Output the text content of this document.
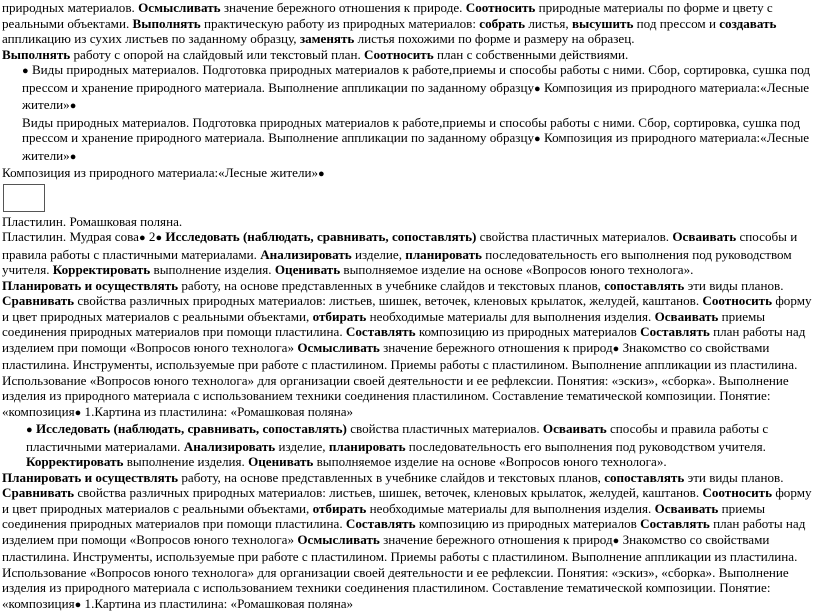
природных материалов. Осмысливать значение бережного отношения к природе. Соотносить природные материалы по форме и цвету с реальными объектами. Выполнять практическую работу из природных материалов: собрать листья, высушить под прессом и создавать аппликацию из сухих листьев по заданному образцу, заменять листья похожими по форме и размеру на образец.

Выполнять работу с опорой на слайдовый или текстовый план. Соотносить план с собственными действиями.

● Виды природных материалов. Подготовка природных материалов к работе,приемы и способы работы с ними. Сбор, сортировка, сушка под прессом и хранение природного материала. Выполнение аппликации по заданному образцу● Композиция из природного материала:«Лесные жители»●

Виды природных материалов. Подготовка природных материалов к работе,приемы и способы работы с ними. Сбор, сортировка, сушка под прессом и хранение природного материала. Выполнение аппликации по заданному образцу● Композиция из природного материала:«Лесные жители»●

Композиция из природного материала:«Лесные жители»●

Пластилин. Ромашковая поляна.

Пластилин. Мудрая сова● 2● Исследовать (наблюдать, сравнивать, сопоставлять) свойства пластичных материалов. Осваивать способы и правила работы с пластичными материалами. Анализировать изделие, планировать последовательность его выполнения под руководством учителя. Корректировать выполнение изделия. Оценивать выполняемое изделие на основе «Вопросов юного технолога».

Планировать и осуществлять работу, на основе представленных в учебнике слайдов и текстовых планов, сопоставлять эти виды планов. Сравнивать свойства различных природных материалов: листьев, шишек, веточек, кленовых крылаток, желудей, каштанов. Соотносить форму и цвет природных материалов с реальными объектами, отбирать необходимые материалы для выполнения изделия. Осваивать приемы соединения природных материалов при помощи пластилина. Составлять композицию из природных материалов Составлять план работы над изделием при помощи «Вопросов юного технолога» Осмысливать значение бережного отношения к природ● Знакомство со свойствами пластилина. Инструменты, используемые при работе с пластилином. Приемы работы с пластилином. Выполнение аппликации из пластилина. Использование «Вопросов юного технолога» для организации своей деятельности и ее рефлексии. Понятия: «эскиз», «сборка». Выполнение изделия из природного материала с использованием техники соединения пластилином. Составление тематической композиции. Понятие: «композиция● 1.Картина из пластилина: «Ромашковая поляна»

● Исследовать (наблюдать, сравнивать, сопоставлять) свойства пластичных материалов. Осваивать способы и правила работы с пластичными материалами. Анализировать изделие, планировать последовательность его выполнения под руководством учителя. Корректировать выполнение изделия. Оценивать выполняемое изделие на основе «Вопросов юного технолога».

Планировать и осуществлять работу, на основе представленных в учебнике слайдов и текстовых планов, сопоставлять эти виды планов. Сравнивать свойства различных природных материалов: листьев, шишек, веточек, кленовых крылаток, желудей, каштанов. Соотносить форму и цвет природных материалов с реальными объектами, отбирать необходимые материалы для выполнения изделия. Осваивать приемы соединения природных материалов при помощи пластилина. Составлять композицию из природных материалов Составлять план работы над изделием при помощи «Вопросов юного технолога» Осмысливать значение бережного отношения к природ● Знакомство со свойствами пластилина. Инструменты, используемые при работе с пластилином. Приемы работы с пластилином. Выполнение аппликации из пластилина. Использование «Вопросов юного технолога» для организации своей деятельности и ее рефлексии. Понятия: «эскиз», «сборка». Выполнение изделия из природного материала с использованием техники соединения пластилином. Составление тематической композиции. Понятие: «композиция● 1.Картина из пластилина: «Ромашковая поляна»
